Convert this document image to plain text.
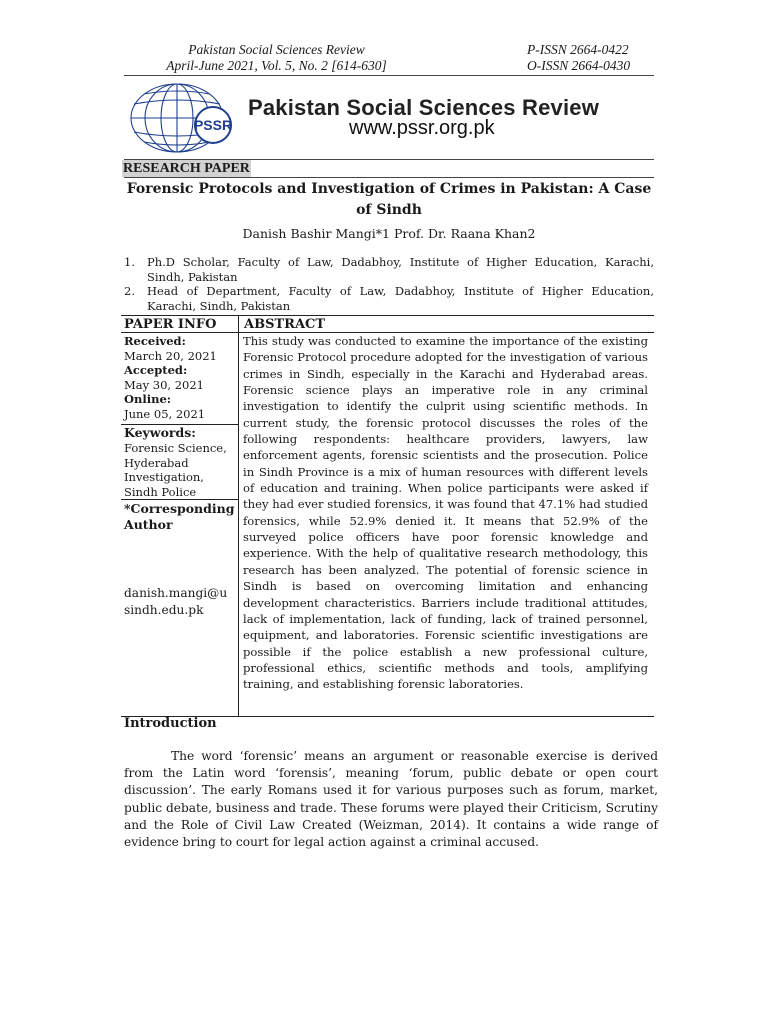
Pakistan Social Sciences Review
April-June 2021, Vol. 5, No. 2 [614-630]
P-ISSN 2664-0422
O-ISSN 2664-0430
PSSR
Pakistan Social Sciences Review
www.pssr.org.pk
RESEARCH PAPER
Forensic Protocols and Investigation of Crimes in Pakistan: A Case of Sindh
Danish Bashir Mangi*1 Prof. Dr. Raana Khan2
1. Ph.D Scholar, Faculty of Law, Dadabhoy, Institute of Higher Education, Karachi, Sindh, Pakistan
2. Head of Department, Faculty of Law, Dadabhoy, Institute of Higher Education, Karachi, Sindh, Pakistan
PAPER INFO ABSTRACT
Received:
March 20, 2021
Accepted:
May 30, 2021
Online:
June 05, 2021
Keywords:
Forensic Science,
Hyderabad
Investigation,
Sindh Police
*Corresponding Author
danish.mangi@u
sindh.edu.pk
This study was conducted to examine the importance of the existing Forensic Protocol procedure adopted for the investigation of various crimes in Sindh, especially in the Karachi and Hyderabad areas. Forensic science plays an imperative role in any criminal investigation to identify the culprit using scientific methods. In current study, the forensic protocol discusses the roles of the following respondents: healthcare providers, lawyers, law enforcement agents, forensic scientists and the prosecution. Police in Sindh Province is a mix of human resources with different levels of education and training. When police participants were asked if they had ever studied forensics, it was found that 47.1% had studied forensics, while 52.9% denied it. It means that 52.9% of the surveyed police officers have poor forensic knowledge and experience. With the help of qualitative research methodology, this research has been analyzed. The potential of forensic science in Sindh is based on overcoming limitation and enhancing development characteristics. Barriers include traditional attitudes, lack of implementation, lack of funding, lack of trained personnel, equipment, and laboratories. Forensic scientific investigations are possible if the police establish a new professional culture, professional ethics, scientific methods and tools, amplifying training, and establishing forensic laboratories.
Introduction
The word ‘forensic’ means an argument or reasonable exercise is derived from the Latin word ‘forensis’, meaning ‘forum, public debate or open court discussion’. The early Romans used it for various purposes such as forum, market, public debate, business and trade. These forums were played their Criticism, Scrutiny and the Role of Civil Law Created (Weizman, 2014). It contains a wide range of evidence bring to court for legal action against a criminal accused.
